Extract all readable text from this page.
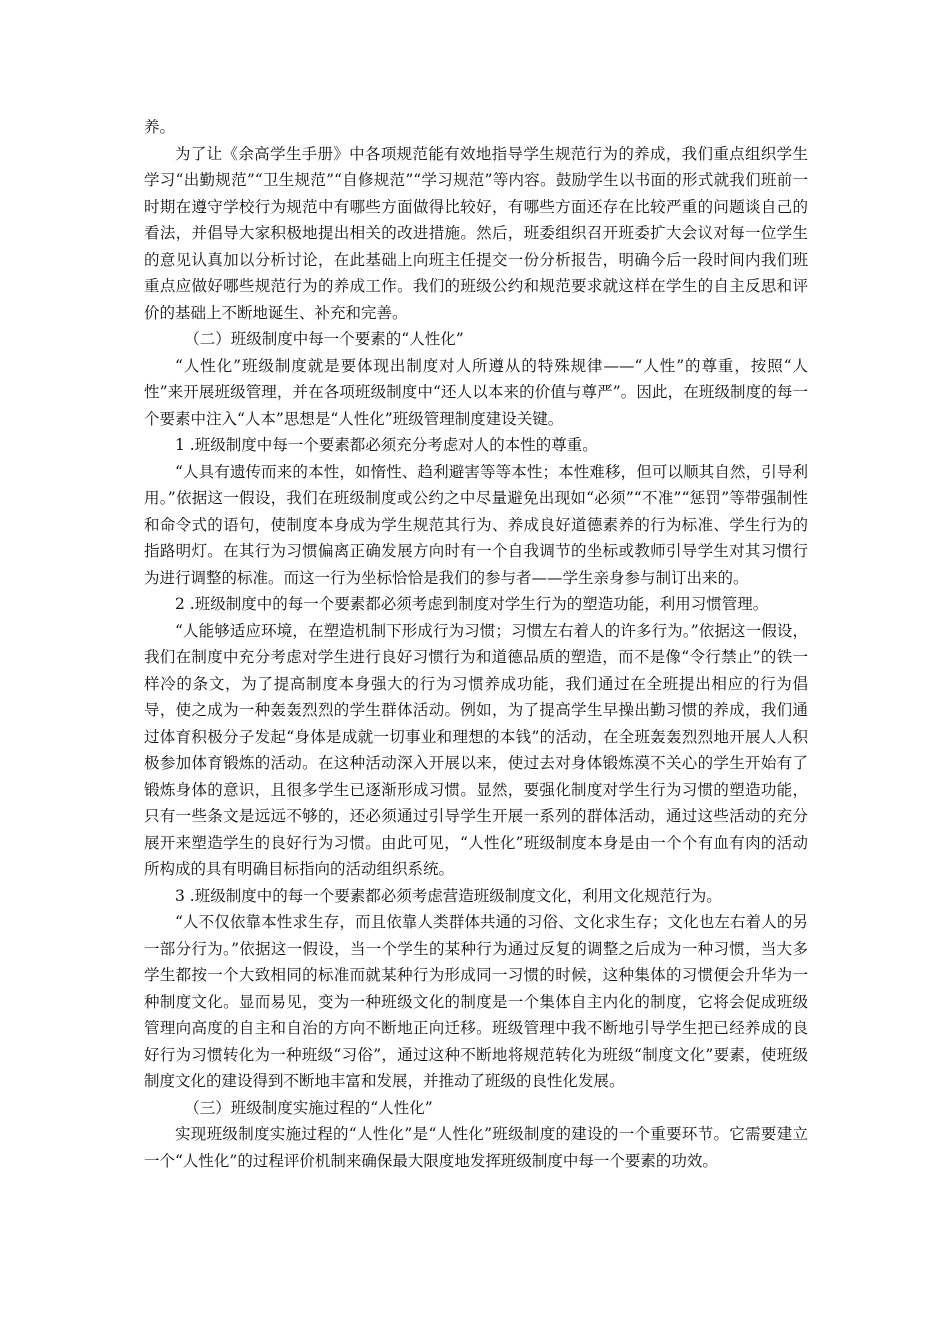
养。

为了让《余高学生手册》中各项规范能有效地指导学生规范行为的养成，我们重点组织学生学习“出勤规范”“卫生规范”“自修规范”“学习规范”等内容。鼓励学生以书面的形式就我们班前一时期在遵守学校行为规范中有哪些方面做得比较好，有哪些方面还存在比较严重的问题谈自己的看法，并倡导大家积极地提出相关的改进措施。然后，班委组织召开班委扩大会议对每一位学生的意见认真加以分析讨论，在此基础上向班主任提交一份分析报告，明确今后一段时间内我们班重点应做好哪些规范行为的养成工作。我们的班级公约和规范要求就这样在学生的自主反思和评价的基础上不断地诞生、补充和完善。

（二）班级制度中每一个要素的“人性化”

“人性化”班级制度就是要体现出制度对人所遵从的特殊规律——“人性”的尊重，按照“人性”来开展班级管理，并在各项班级制度中“还人以本来的价值与尊严”。因此，在班级制度的每一个要素中注入“人本”思想是“人性化”班级管理制度建设关键。

1 .班级制度中每一个要素都必须充分考虑对人的本性的尊重。

“人具有遗传而来的本性，如惰性、趋利避害等等本性；本性难移，但可以顺其自然，引导利用。”依据这一假设，我们在班级制度或公约之中尽量避免出现如“必须”“不准”“惩罚”等带强制性和命令式的语句，使制度本身成为学生规范其行为、养成良好道德素养的行为标准、学生行为的指路明灯。在其行为习惯偏离正确发展方向时有一个自我调节的坐标或教师引导学生对其习惯行为进行调整的标准。而这一行为坐标恰恰是我们的参与者——学生亲身参与制订出来的。

2 .班级制度中的每一个要素都必须考虑到制度对学生行为的塑造功能，利用习惯管理。

“人能够适应环境，在塑造机制下形成行为习惯；习惯左右着人的许多行为。”依据这一假设，我们在制度中充分考虑对学生进行良好习惯行为和道德品质的塑造，而不是像“令行禁止”的铁一样冷的条文，为了提高制度本身强大的行为习惯养成功能，我们通过在全班提出相应的行为倡导，使之成为一种轰轰烈烈的学生群体活动。例如，为了提高学生早操出勤习惯的养成，我们通过体育积极分子发起“身体是成就一切事业和理想的本钱”的活动，在全班轰轰烈烈地开展人人积极参加体育锻炼的活动。在这种活动深入开展以来，使过去对身体锻炼漠不关心的学生开始有了锻炼身体的意识，且很多学生已逐渐形成习惯。显然，要强化制度对学生行为习惯的塑造功能，只有一些条文是远远不够的，还必须通过引导学生开展一系列的群体活动，通过这些活动的充分展开来塑造学生的良好行为习惯。由此可见，“人性化”班级制度本身是由一个个有血有肉的活动所构成的具有明确目标指向的活动组织系统。

3 .班级制度中的每一个要素都必须考虑营造班级制度文化，利用文化规范行为。

“人不仅依靠本性求生存，而且依靠人类群体共通的习俗、文化求生存；文化也左右着人的另一部分行为。”依据这一假设，当一个学生的某种行为通过反复的调整之后成为一种习惯，当大多学生都按一个大致相同的标准而就某种行为形成同一习惯的时候，这种集体的习惯便会升华为一种制度文化。显而易见，变为一种班级文化的制度是一个集体自主内化的制度，它将会促成班级管理向高度的自主和自治的方向不断地正向迁移。班级管理中我不断地引导学生把已经养成的良好行为习惯转化为一种班级“习俗”，通过这种不断地将规范转化为班级“制度文化”要素，使班级制度文化的建设得到不断地丰富和发展，并推动了班级的良性化发展。

（三）班级制度实施过程的“人性化”

实现班级制度实施过程的“人性化”是“人性化”班级制度的建设的一个重要环节。它需要建立一个“人性化”的过程评价机制来确保最大限度地发挥班级制度中每一个要素的功效。
